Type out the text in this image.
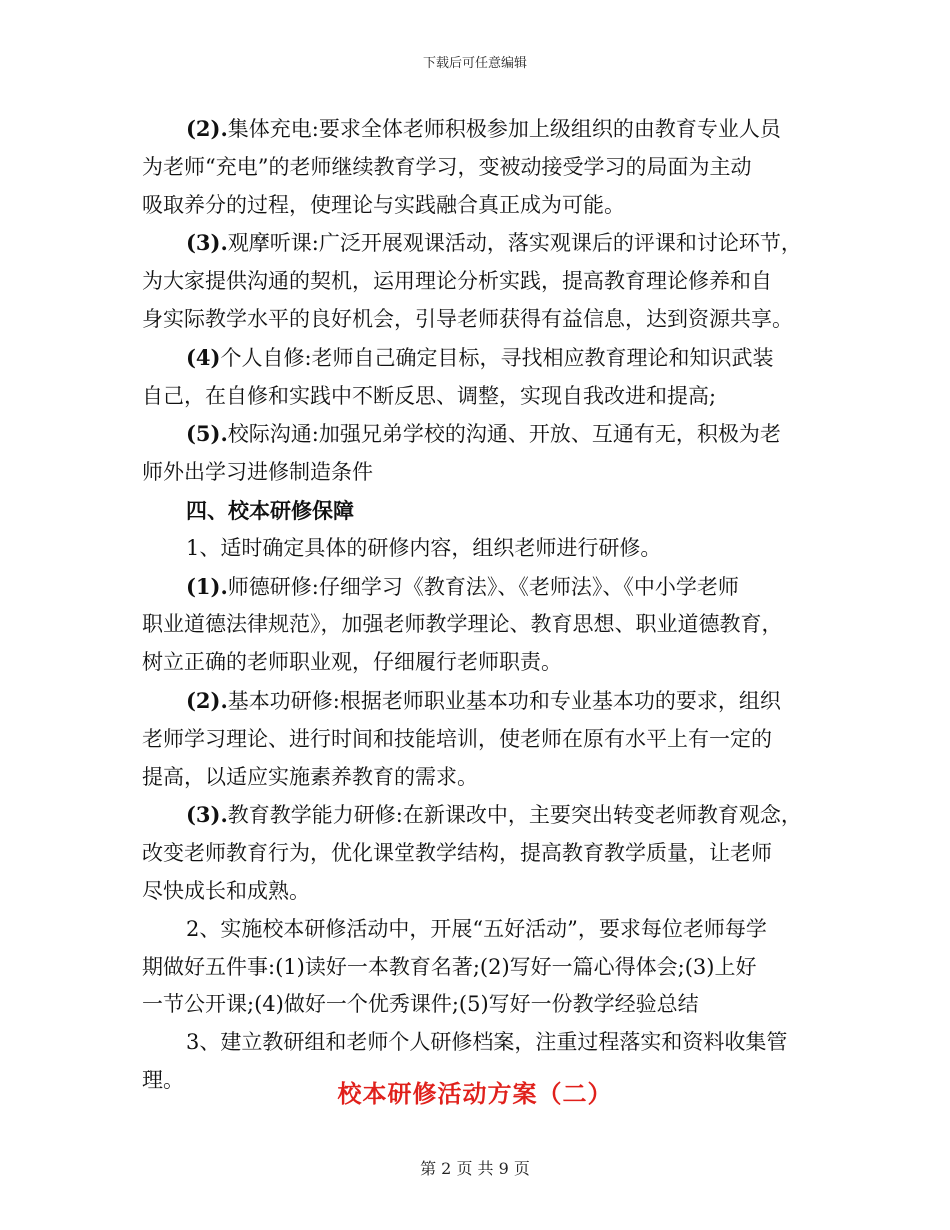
下载后可任意编辑
(2).集体充电:要求全体老师积极参加上级组织的由教育专业人员
为老师“充电”的老师继续教育学习，变被动接受学习的局面为主动
吸取养分的过程，使理论与实践融合真正成为可能。
(3).观摩听课:广泛开展观课活动，落实观课后的评课和讨论环节，
为大家提供沟通的契机，运用理论分析实践，提高教育理论修养和自
身实际教学水平的良好机会，引导老师获得有益信息，达到资源共享。
(4)个人自修:老师自己确定目标，寻找相应教育理论和知识武装
自己，在自修和实践中不断反思、调整，实现自我改进和提高;
(5).校际沟通:加强兄弟学校的沟通、开放、互通有无，积极为老
师外出学习进修制造条件
四、校本研修保障
1、适时确定具体的研修内容，组织老师进行研修。
(1).师德研修:仔细学习《教育法》、《老师法》、《中小学老师
职业道德法律规范》，加强老师教学理论、教育思想、职业道德教育，
树立正确的老师职业观，仔细履行老师职责。
(2).基本功研修:根据老师职业基本功和专业基本功的要求，组织
老师学习理论、进行时间和技能培训，使老师在原有水平上有一定的
提高，以适应实施素养教育的需求。
(3).教育教学能力研修:在新课改中，主要突出转变老师教育观念，
改变老师教育行为，优化课堂教学结构，提高教育教学质量，让老师
尽快成长和成熟。
2、实施校本研修活动中，开展“五好活动”，要求每位老师每学
期做好五件事:(1)读好一本教育名著;(2)写好一篇心得体会;(3)上好
一节公开课;(4)做好一个优秀课件;(5)写好一份教学经验总结
3、建立教研组和老师个人研修档案，注重过程落实和资料收集管
理。	校本研修活动方案（二）
第 2 页 共 9 页
